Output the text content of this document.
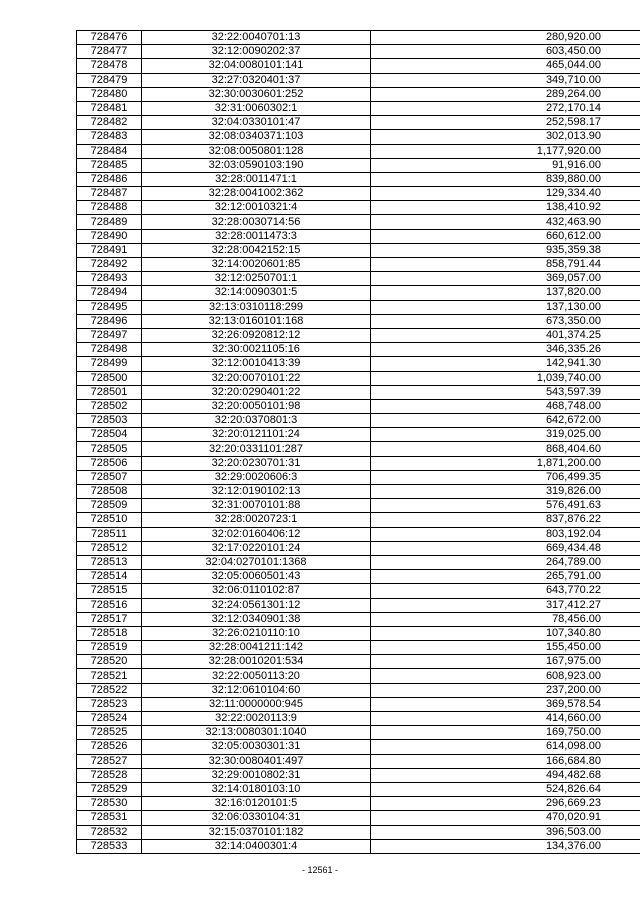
728476	32:22:0040701:13	280,920.00
728477	32:12:0090202:37	603,450.00
728478	32:04:0080101:141	465,044.00
728479	32:27:0320401:37	349,710.00
728480	32:30:0030601:252	289,264.00
728481	32:31:0060302:1	272,170.14
728482	32:04:0330101:47	252,598.17
728483	32:08:0340371:103	302,013.90
728484	32:08:0050801:128	1,177,920.00
728485	32:03:0590103:190	91,916.00
728486	32:28:0011471:1	839,880.00
728487	32:28:0041002:362	129,334.40
728488	32:12:0010321:4	138,410.92
728489	32:28:0030714:56	432,463.90
728490	32:28:0011473:3	660,612.00
728491	32:28:0042152:15	935,359.38
728492	32:14:0020601:85	858,791.44
728493	32:12:0250701:1	369,057.00
728494	32:14:0090301:5	137,820.00
728495	32:13:0310118:299	137,130.00
728496	32:13:0160101:168	673,350.00
728497	32:26:0920812:12	401,374.25
728498	32:30:0021105:16	346,335.26
728499	32:12:0010413:39	142,941.30
728500	32:20:0070101:22	1,039,740.00
728501	32:20:0290401:22	543,597.39
728502	32:20:0050101:98	468,748.00
728503	32:20:0370801:3	642,672.00
728504	32:20:0121101:24	319,025.00
728505	32:20:0331101:287	868,404.60
728506	32:20:0230701:31	1,871,200.00
728507	32:29:0020606:3	706,499.35
728508	32:12:0190102:13	319,826.00
728509	32:31:0070101:88	576,491.63
728510	32:28:0020723:1	837,876.22
728511	32:02:0160406:12	803,192.04
728512	32:17:0220101:24	669,434.48
728513	32:04:0270101:1368	264,789.00
728514	32:05:0060501:43	265,791.00
728515	32:06:0110102:87	643,770.22
728516	32:24:0561301:12	317,412.27
728517	32:12:0340901:38	78,456.00
728518	32:26:0210110:10	107,340.80
728519	32:28:0041211:142	155,450.00
728520	32:28:0010201:534	167,975.00
728521	32:22:0050113:20	608,923.00
728522	32:12:0610104:60	237,200.00
728523	32:11:0000000:945	369,578.54
728524	32:22:0020113:9	414,660.00
728525	32:13:0080301:1040	169,750.00
728526	32:05:0030301:31	614,098.00
728527	32:30:0080401:497	166,684.80
728528	32:29:0010802:31	494,482.68
728529	32:14:0180103:10	524,826.64
728530	32:16:0120101:5	296,669.23
728531	32:06:0330104:31	470,020.91
728532	32:15:0370101:182	396,503.00
728533	32:14:0400301:4	134,376.00
- 12561 -
